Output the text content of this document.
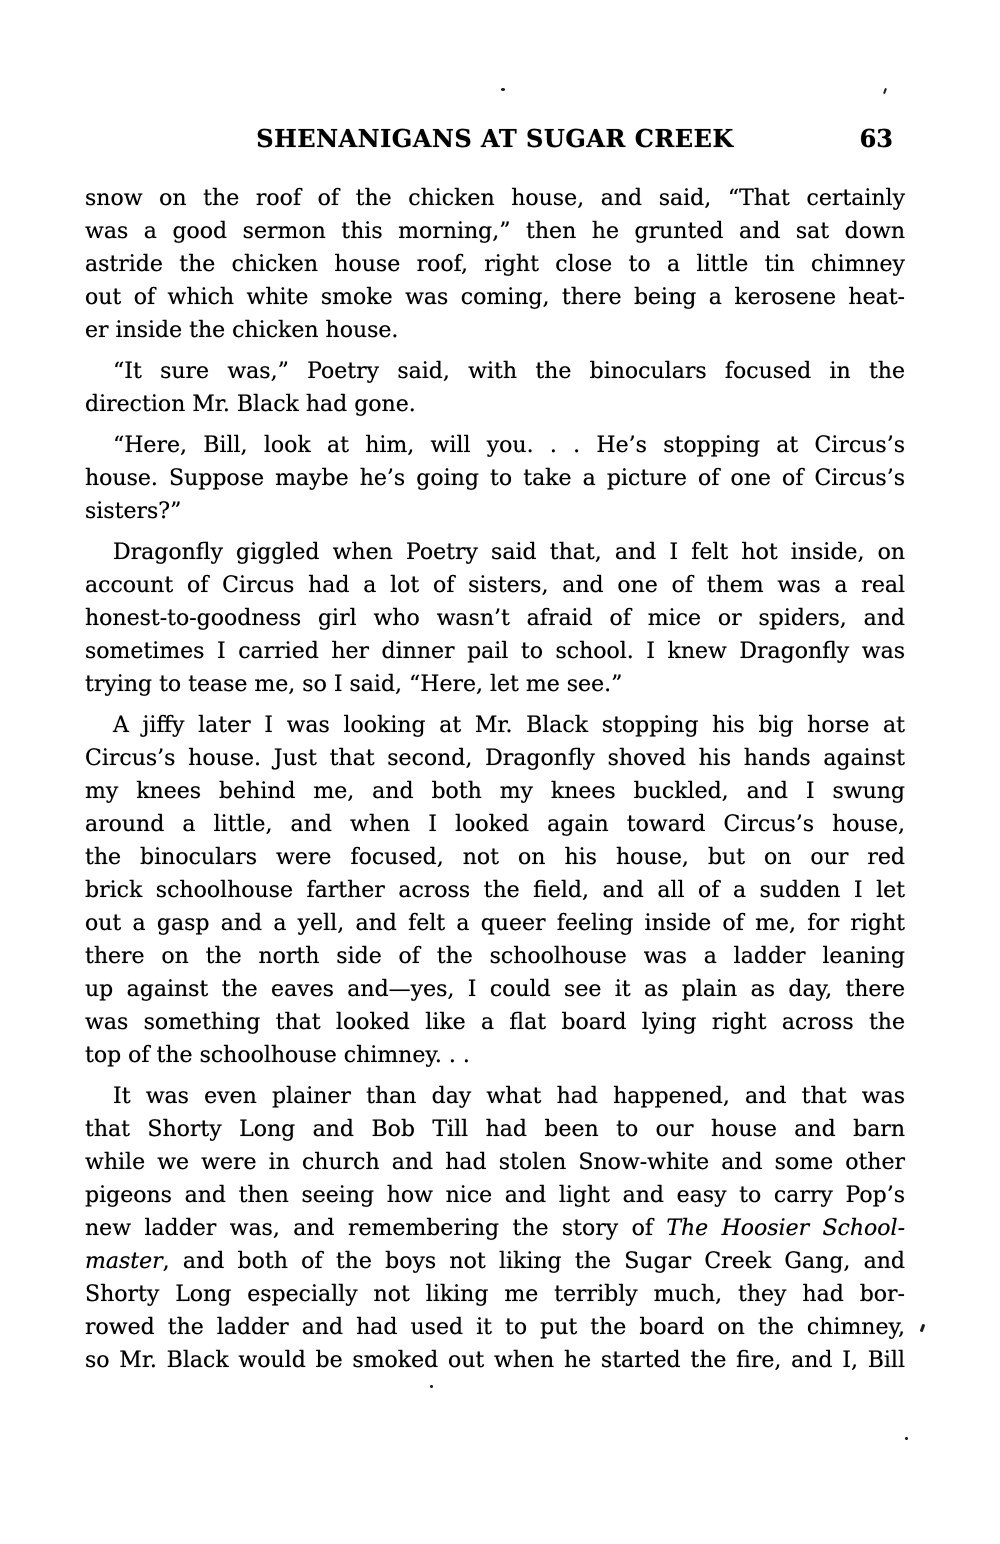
SHENANIGANS AT SUGAR CREEK	63
snow on the roof of the chicken house, and said, “That certainly
was a good sermon this morning,” then he grunted and sat down
astride the chicken house roof, right close to a little tin chimney
out of which white smoke was coming, there being a kerosene heat-
er inside the chicken house.
“It sure was,” Poetry said, with the binoculars focused in the
direction Mr. Black had gone.
“Here, Bill, look at him, will you. . . He’s stopping at Circus’s
house. Suppose maybe he’s going to take a picture of one of Circus’s
sisters?”
Dragonfly giggled when Poetry said that, and I felt hot inside, on
account of Circus had a lot of sisters, and one of them was a real
honest-to-goodness girl who wasn’t afraid of mice or spiders, and
sometimes I carried her dinner pail to school. I knew Dragonfly was
trying to tease me, so I said, “Here, let me see.”
A jiffy later I was looking at Mr. Black stopping his big horse at
Circus’s house. Just that second, Dragonfly shoved his hands against
my knees behind me, and both my knees buckled, and I swung
around a little, and when I looked again toward Circus’s house,
the binoculars were focused, not on his house, but on our red
brick schoolhouse farther across the field, and all of a sudden I let
out a gasp and a yell, and felt a queer feeling inside of me, for right
there on the north side of the schoolhouse was a ladder leaning
up against the eaves and—yes, I could see it as plain as day, there
was something that looked like a flat board lying right across the
top of the schoolhouse chimney. . .
It was even plainer than day what had happened, and that was
that Shorty Long and Bob Till had been to our house and barn
while we were in church and had stolen Snow-white and some other
pigeons and then seeing how nice and light and easy to carry Pop’s
new ladder was, and remembering the story of The Hoosier School-
master, and both of the boys not liking the Sugar Creek Gang, and
Shorty Long especially not liking me terribly much, they had bor-
rowed the ladder and had used it to put the board on the chimney,
so Mr. Black would be smoked out when he started the fire, and I, Bill
